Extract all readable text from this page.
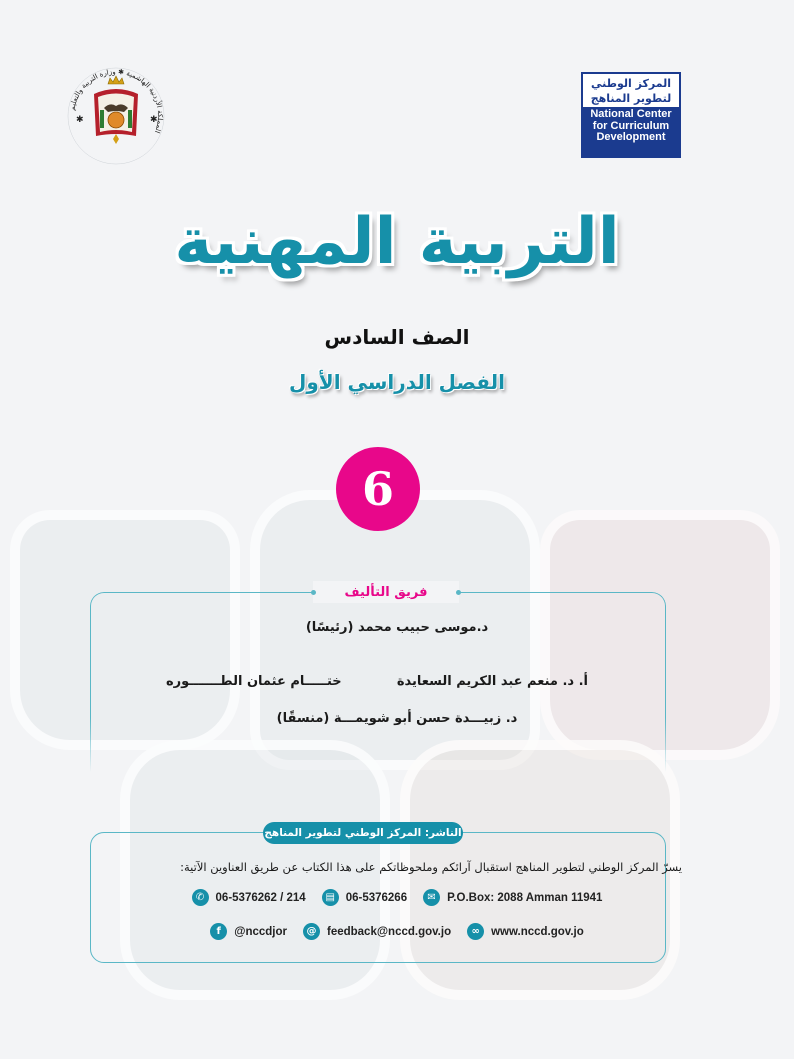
المملكة الأردنية الهاشمية ✱ وزارة التربية والتعليم
✱	✱
المركز الوطني
لتطوير المناهج
National Center
for Curriculum
Development
التربية المهنية
الصف السادس
الفصل الدراسي الأول
6
فريق التأليف
د.موسى حبيب محمد (رئيسًا)
أ. د. منعم عبد الكريم السعايدة
ختـــــام عثمان الطـــــــوره
د. زبيـــدة حسن أبو شويمـــة (منسقًا)
الناشر: المركز الوطني لتطوير المناهج
يسرّ المركز الوطني لتطوير المناهج استقبال آرائكم وملحوظاتكم على هذا الكتاب عن طريق العناوين الآتية:
✆ 06-5376262 / 214	▤ 06-5376266	✉ P.O.Box: 2088 Amman 11941
f	@nccdjor	@ feedback@nccd.gov.jo	∞ www.nccd.gov.jo
